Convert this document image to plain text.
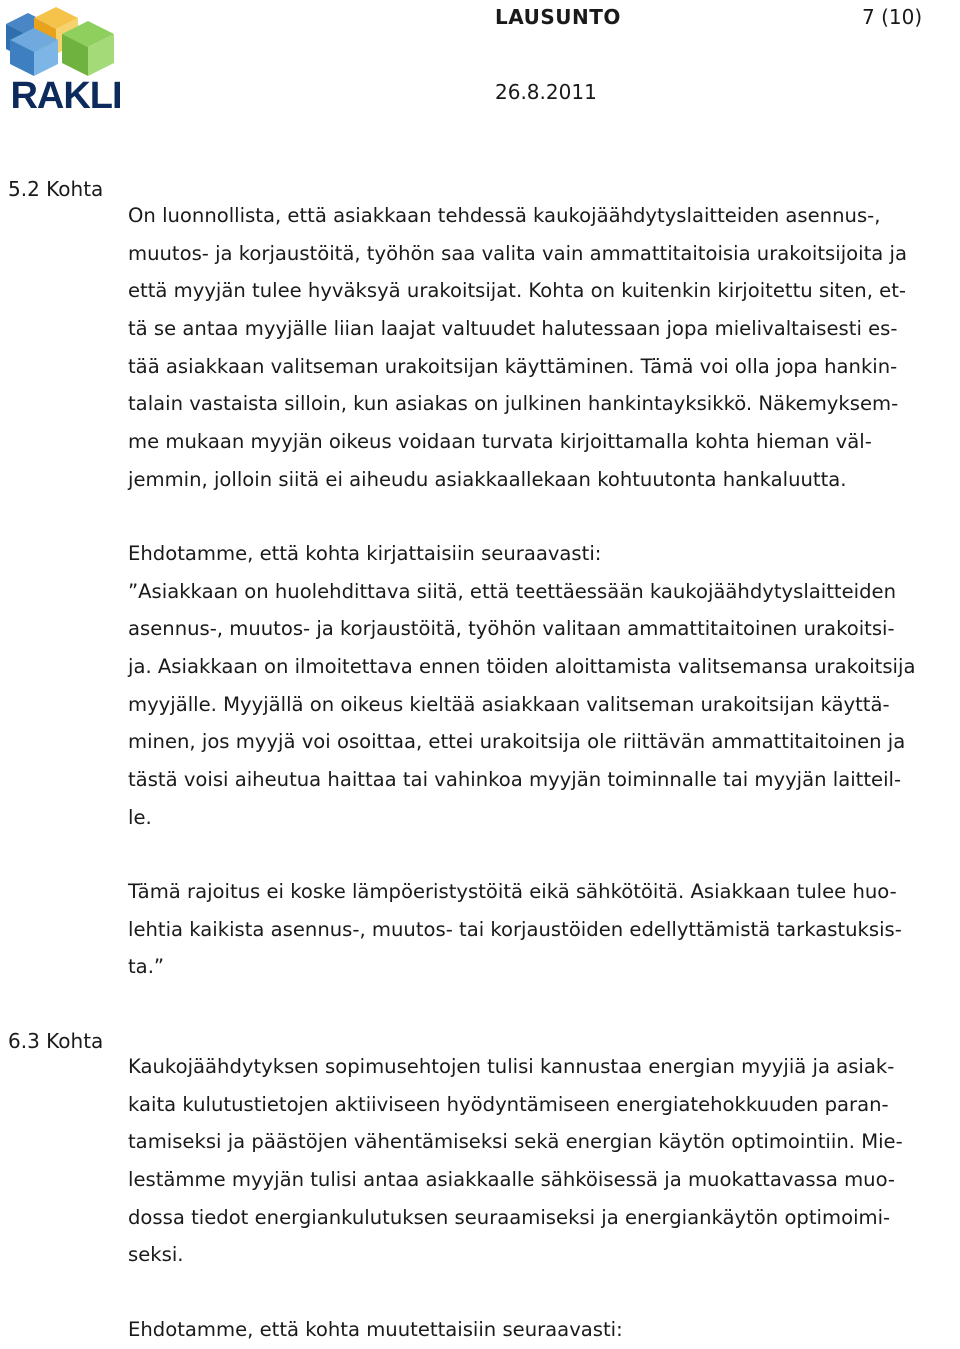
RAKLI
LAUSUNTO	7 (10)
26.8.2011
5.2 Kohta
On luonnollista, että asiakkaan tehdessä kaukojäähdytyslaitteiden asennus-,
muutos- ja korjaustöitä, työhön saa valita vain ammattitaitoisia urakoitsijoita ja
että myyjän tulee hyväksyä urakoitsijat. Kohta on kuitenkin kirjoitettu siten, et-
tä se antaa myyjälle liian laajat valtuudet halutessaan jopa mielivaltaisesti es-
tää asiakkaan valitseman urakoitsijan käyttäminen. Tämä voi olla jopa hankin-
talain vastaista silloin, kun asiakas on julkinen hankintayksikkö. Näkemyksem-
me mukaan myyjän oikeus voidaan turvata kirjoittamalla kohta hieman väl-
jemmin, jolloin siitä ei aiheudu asiakkaallekaan kohtuutonta hankaluutta.
Ehdotamme, että kohta kirjattaisiin seuraavasti:
”Asiakkaan on huolehdittava siitä, että teettäessään kaukojäähdytyslaitteiden
asennus-, muutos- ja korjaustöitä, työhön valitaan ammattitaitoinen urakoitsi-
ja. Asiakkaan on ilmoitettava ennen töiden aloittamista valitsemansa urakoitsija
myyjälle. Myyjällä on oikeus kieltää asiakkaan valitseman urakoitsijan käyttä-
minen, jos myyjä voi osoittaa, ettei urakoitsija ole riittävän ammattitaitoinen ja
tästä voisi aiheutua haittaa tai vahinkoa myyjän toiminnalle tai myyjän laitteil-
le.
Tämä rajoitus ei koske lämpöeristystöitä eikä sähkötöitä. Asiakkaan tulee huo-
lehtia kaikista asennus-, muutos- tai korjaustöiden edellyttämistä tarkastuksis-
ta.”
6.3 Kohta
Kaukojäähdytyksen sopimusehtojen tulisi kannustaa energian myyjiä ja asiak-
kaita kulutustietojen aktiiviseen hyödyntämiseen energiatehokkuuden paran-
tamiseksi ja päästöjen vähentämiseksi sekä energian käytön optimointiin. Mie-
lestämme myyjän tulisi antaa asiakkaalle sähköisessä ja muokattavassa muo-
dossa tiedot energiankulutuksen seuraamiseksi ja energiankäytön optimoimi-
seksi.
Ehdotamme, että kohta muutettaisiin seuraavasti:
